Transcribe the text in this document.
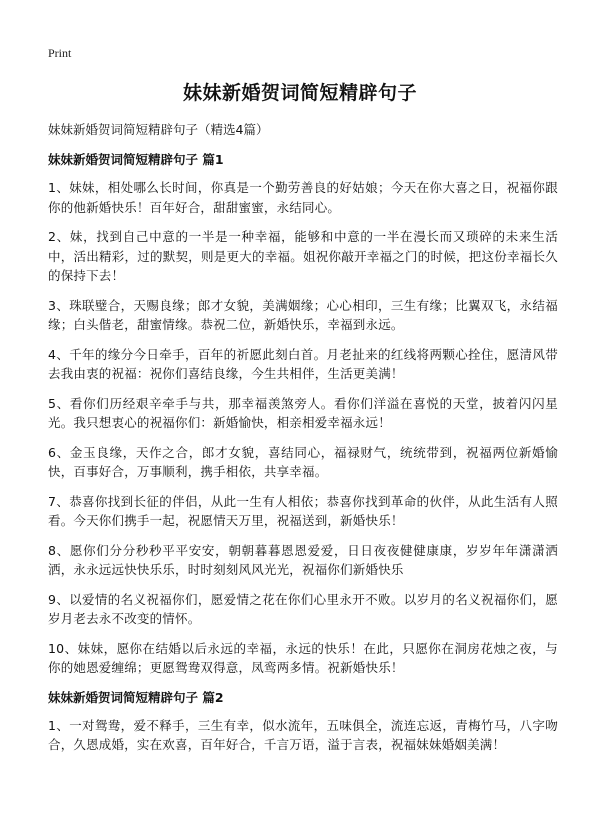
Print
妹妹新婚贺词简短精辟句子
妹妹新婚贺词简短精辟句子（精选4篇）
妹妹新婚贺词简短精辟句子 篇1

1、妹妹，相处哪么长时间，你真是一个勤劳善良的好姑娘；今天在你大喜之日，祝福你跟你的他新婚快乐！百年好合，甜甜蜜蜜，永结同心。

2、妹，找到自己中意的一半是一种幸福，能够和中意的一半在漫长而又琐碎的未来生活中，活出精彩，过的默契，则是更大的幸福。姐祝你敲开幸福之门的时候，把这份幸福长久的保持下去！

3、珠联璧合，天赐良缘；郎才女貌，美满姻缘；心心相印，三生有缘；比翼双飞，永结福缘；白头偕老，甜蜜情缘。恭祝二位，新婚快乐，幸福到永远。

4、千年的缘分今日牵手，百年的祈愿此刻白首。月老扯来的红线将两颗心拴住，愿清风带去我由衷的祝福：祝你们喜结良缘，今生共相伴，生活更美满！

5、看你们历经艰辛牵手与共，那幸福羡煞旁人。看你们洋溢在喜悦的天堂，披着闪闪星光。我只想衷心的祝福你们：新婚愉快，相亲相爱幸福永远！

6、金玉良缘，天作之合，郎才女貌，喜结同心，福禄财气，统统带到，祝福两位新婚愉快，百事好合，万事顺利，携手相依，共享幸福。

7、恭喜你找到长征的伴侣，从此一生有人相依；恭喜你找到革命的伙伴，从此生活有人照看。今天你们携手一起，祝愿情天万里，祝福送到，新婚快乐！

8、愿你们分分秒秒平平安安，朝朝暮暮恩恩爱爱，日日夜夜健健康康，岁岁年年潇潇洒洒，永永远远快快乐乐，时时刻刻风风光光，祝福你们新婚快乐

9、以爱情的名义祝福你们，愿爱情之花在你们心里永开不败。以岁月的名义祝福你们，愿岁月老去永不改变的情怀。

10、妹妹，愿你在结婚以后永远的幸福，永远的快乐！在此，只愿你在洞房花烛之夜，与你的她恩爱缠绵；更愿鸳鸯双得意，凤鸾两多情。祝新婚快乐！

妹妹新婚贺词简短精辟句子 篇2

1、一对鸳鸯，爱不释手，三生有幸，似水流年，五味俱全，流连忘返，青梅竹马，八字吻合，久恩成婚，实在欢喜，百年好合，千言万语，溢于言表，祝福妹妹婚姻美满！
